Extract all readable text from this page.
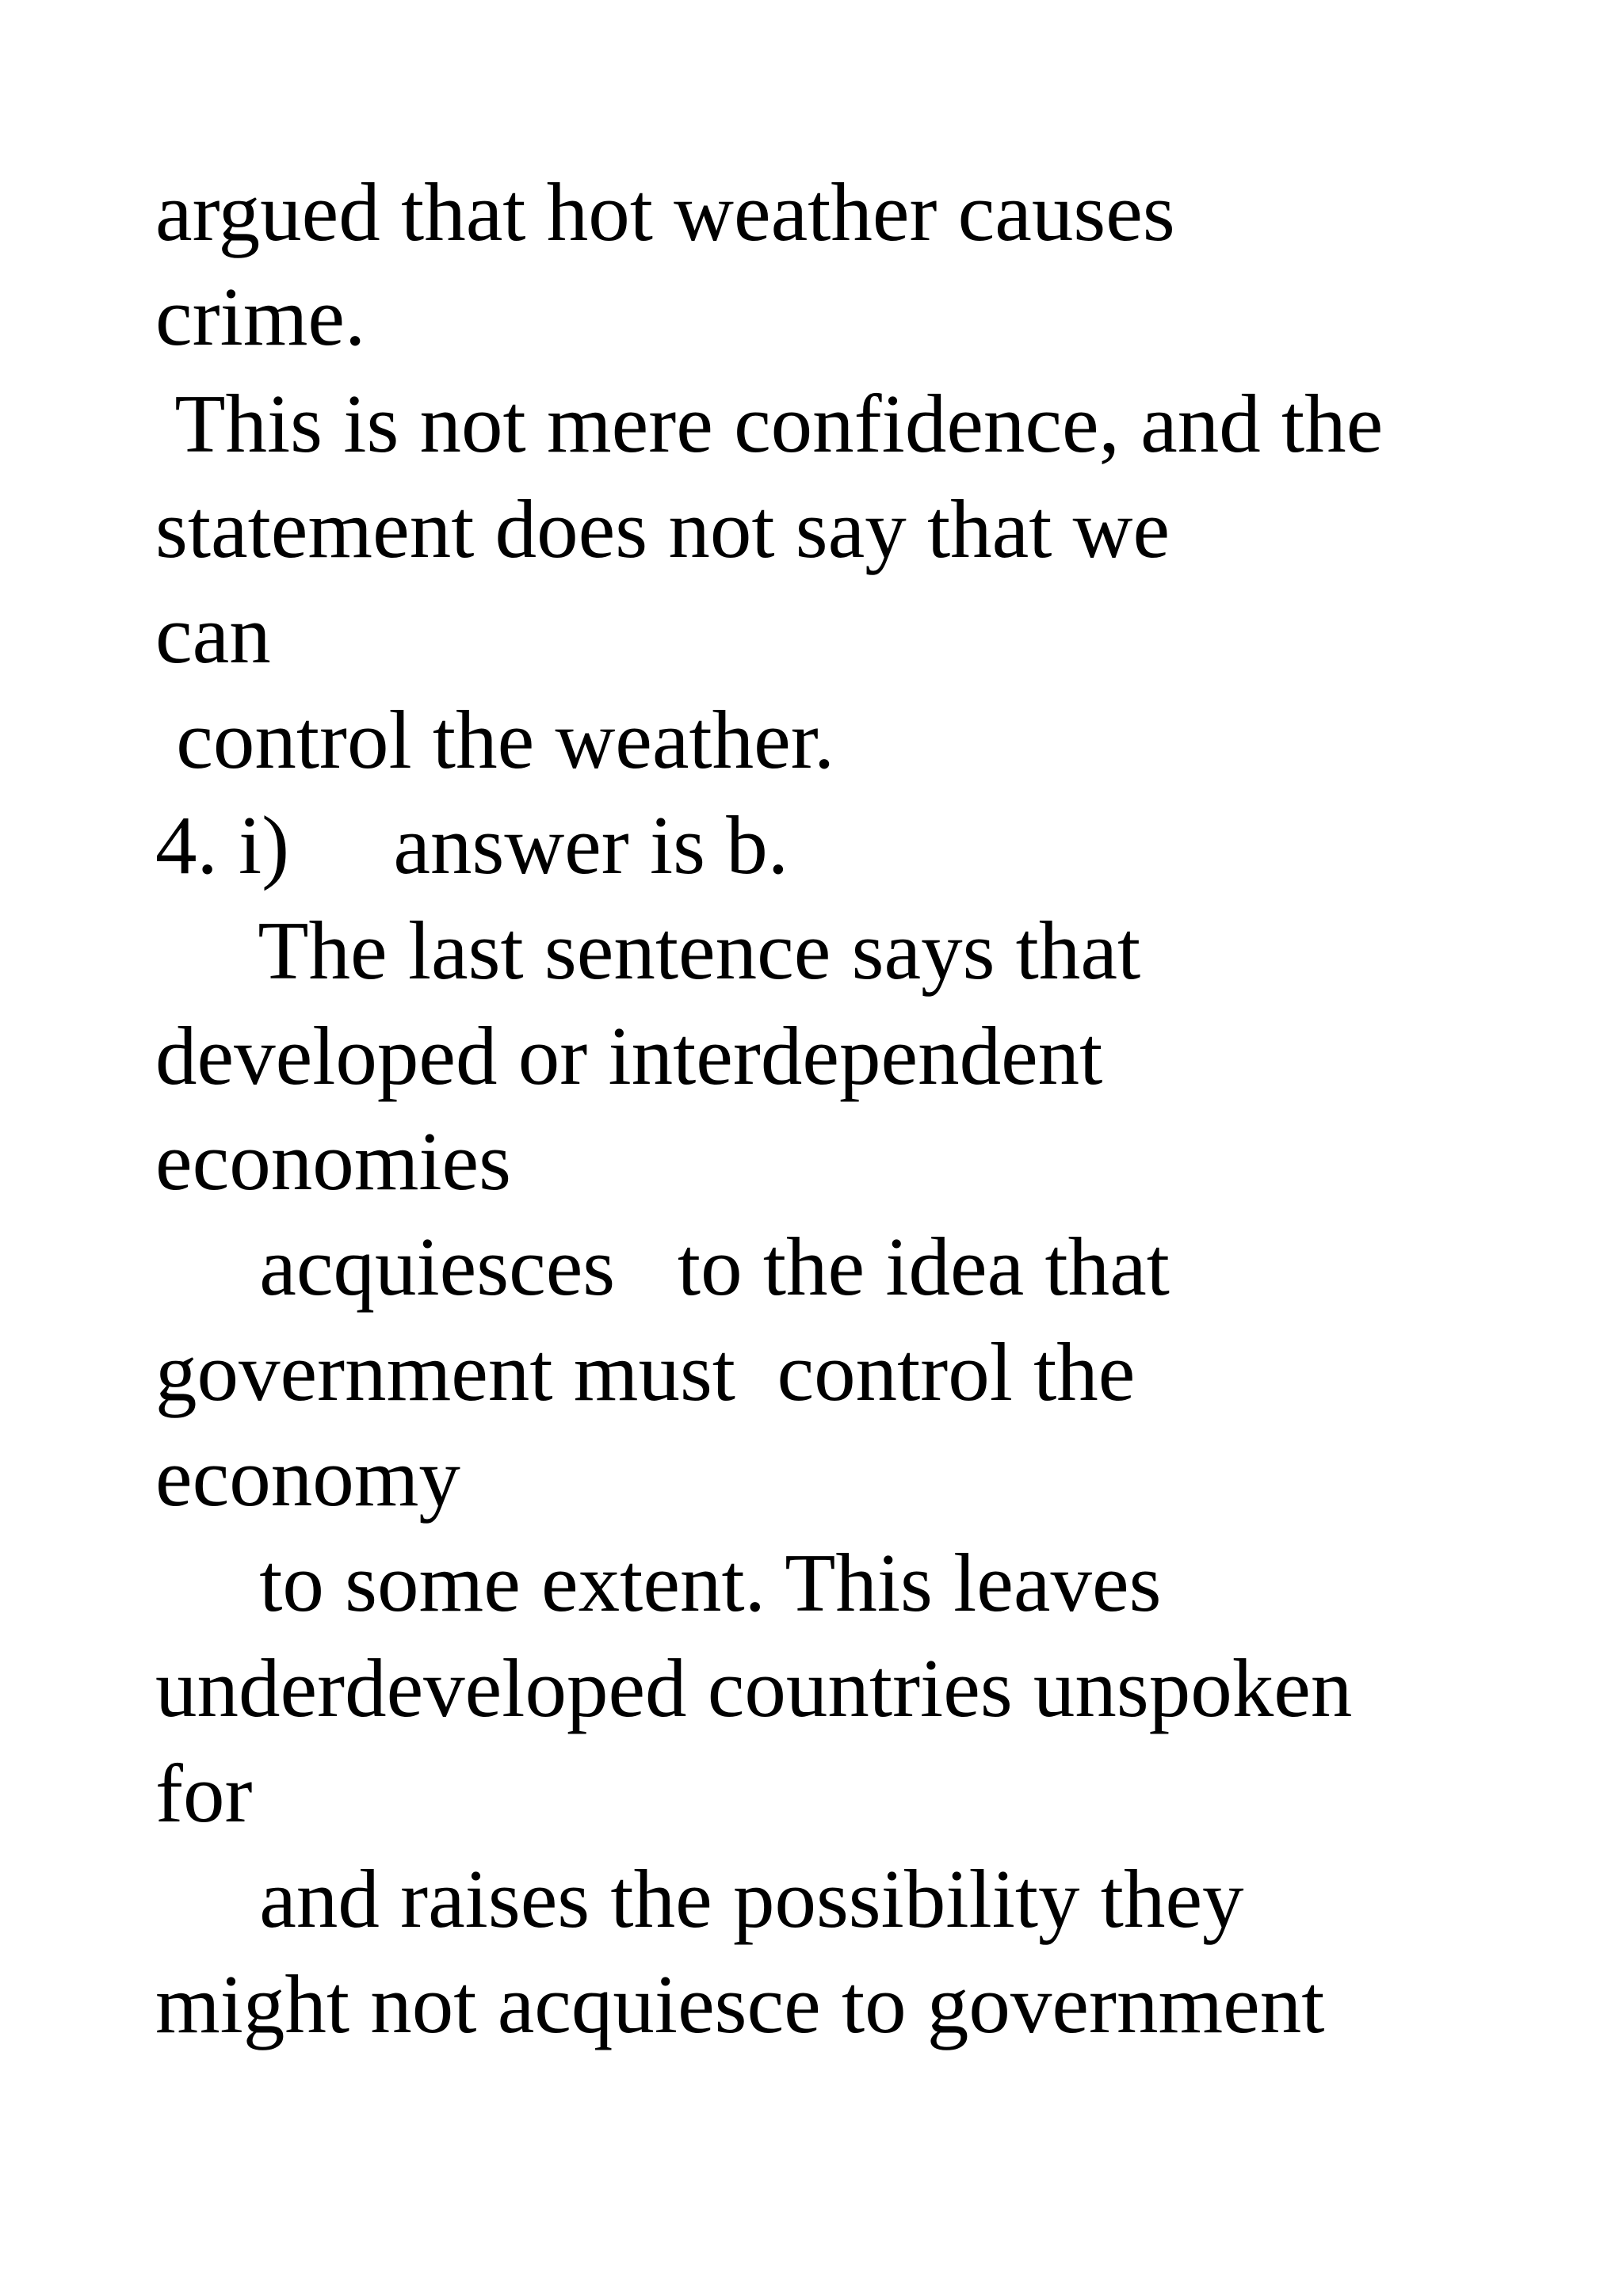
argued that hot weather causes

crime.

This is not mere confidence, and the

statement does not say that we

can

control the weather.

4. i)     answer is b.

The last sentence says that

developed or interdependent

economies

acquiesces   to the idea that

government must  control the

economy

to some extent. This leaves

underdeveloped countries unspoken

for

and raises the possibility they

might not acquiesce to government
